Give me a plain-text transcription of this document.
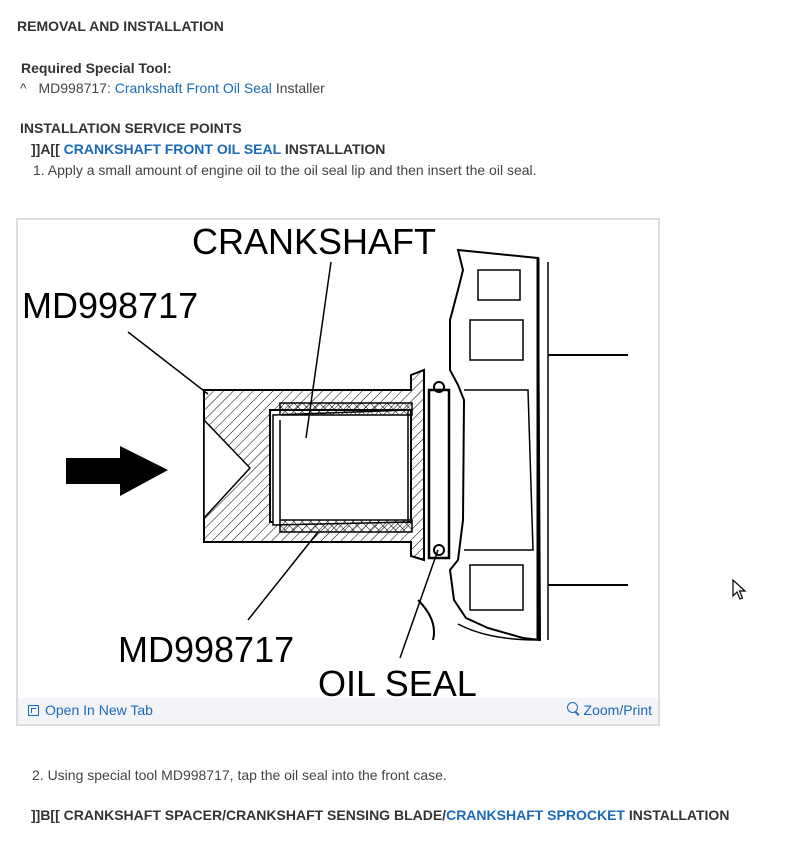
REMOVAL AND INSTALLATION
Required Special Tool:
^ MD998717: Crankshaft Front Oil Seal Installer
INSTALLATION SERVICE POINTS
]]A[[ CRANKSHAFT FRONT OIL SEAL INSTALLATION
1. Apply a small amount of engine oil to the oil seal lip and then insert the oil seal.
CRANKSHAFT
MD998717
MD998717
OIL SEAL
Open In New Tab	Zoom/Print
2. Using special tool MD998717, tap the oil seal into the front case.
]]B[[ CRANKSHAFT SPACER/CRANKSHAFT SENSING BLADE/CRANKSHAFT SPROCKET INSTALLATION
